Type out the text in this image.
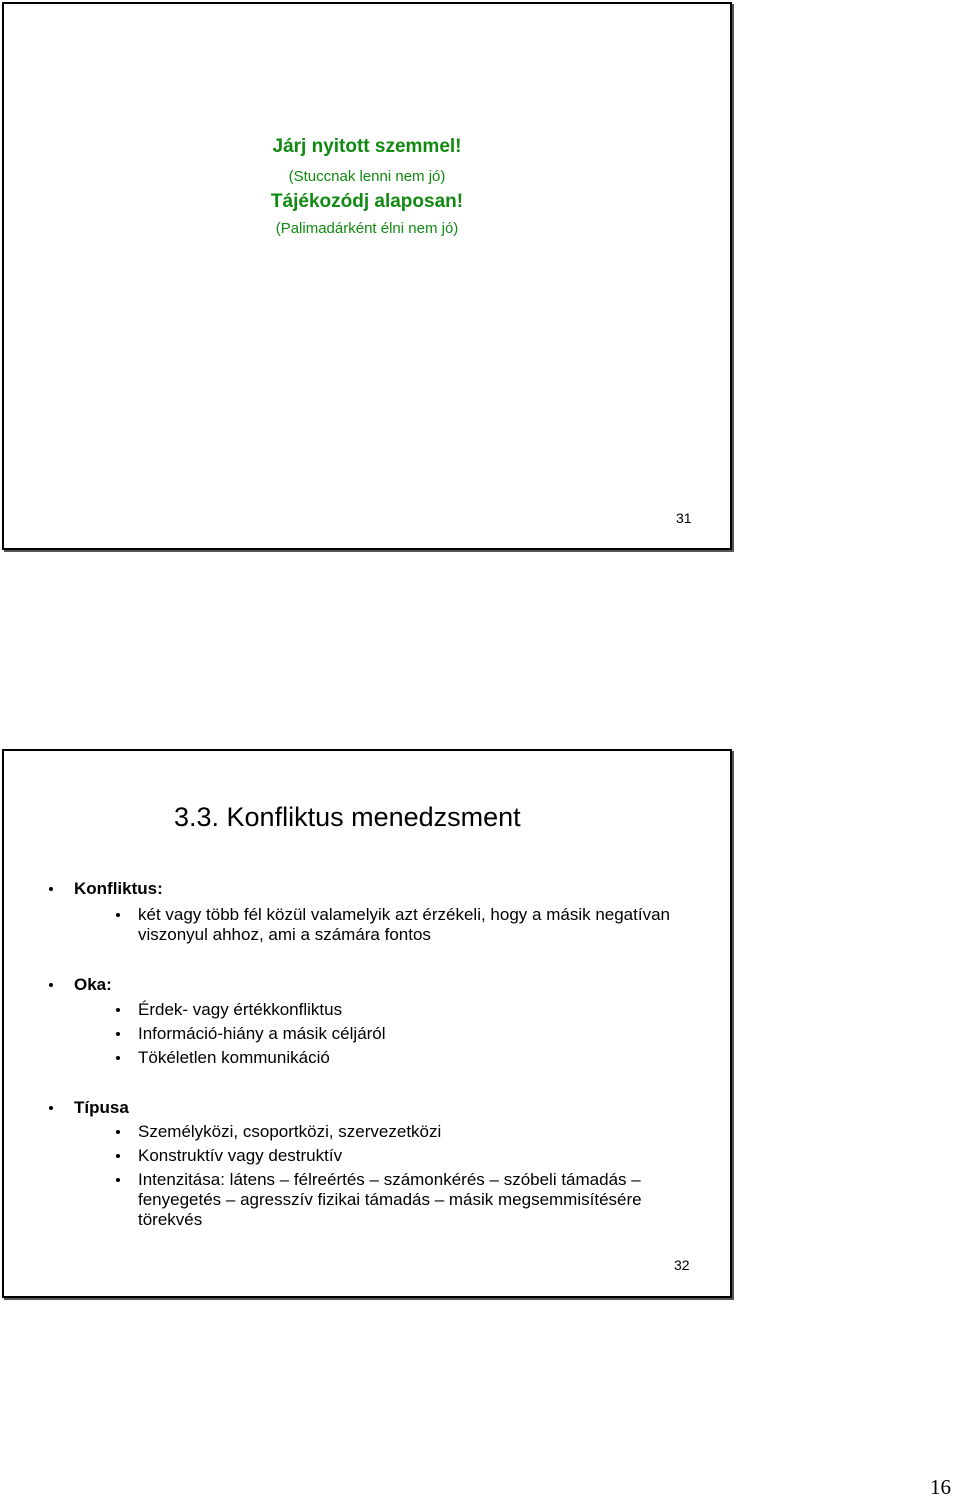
Járj nyitott szemmel!
(Stuccnak lenni nem jó)
Tájékozódj alaposan!
(Palimadárként élni nem jó)
31
3.3. Konfliktus menedzsment
Konfliktus:
két vagy több fél közül valamelyik azt érzékeli, hogy a másik negatívan viszonyul ahhoz, ami a számára fontos
Oka:
Érdek- vagy értékkonfliktus
Információ-hiány a másik céljáról
Tökéletlen kommunikáció
Típusa
Személyközi, csoportközi, szervezetközi
Konstruktív vagy destruktív
Intenzitása: látens – félreértés – számonkérés – szóbeli támadás – fenyegetés – agresszív fizikai támadás – másik megsemmisítésére törekvés
32
16
